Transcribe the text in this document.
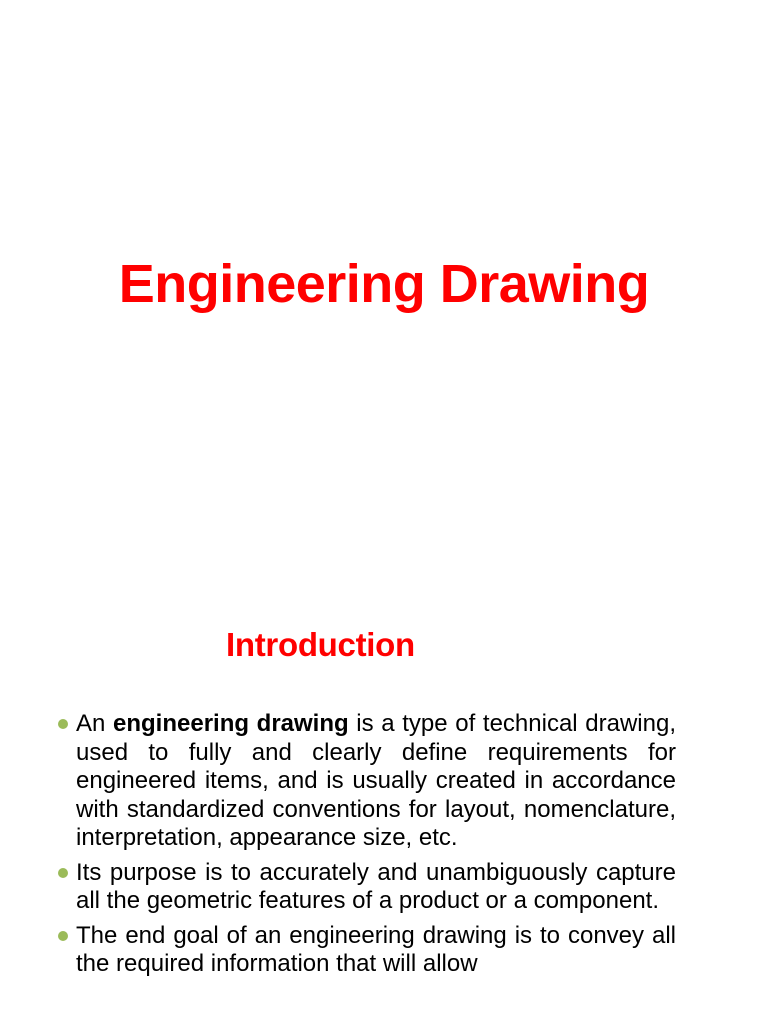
Engineering Drawing
Introduction
An engineering drawing is a type of technical drawing, used to fully and clearly define requirements for engineered items, and is usually created in accordance with standardized conventions for layout, nomenclature, interpretation, appearance size, etc.
Its purpose is to accurately and unambiguously capture all the geometric features of a product or a component.
The end goal of an engineering drawing is to convey all the required information that will allow
